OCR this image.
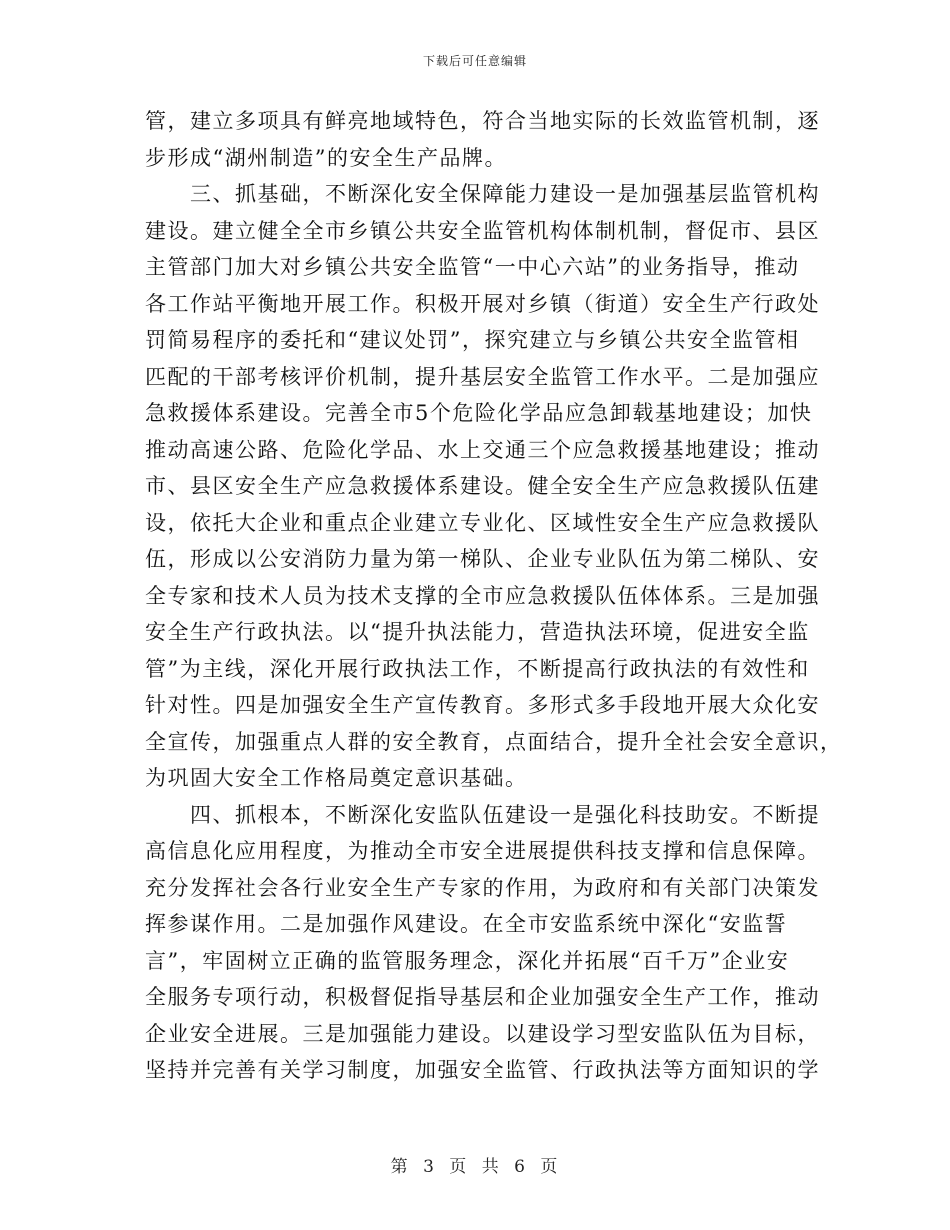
下载后可任意编辑
管，建立多项具有鲜亮地域特色，符合当地实际的长效监管机制，逐
步形成“湖州制造”的安全生产品牌。
　　三、抓基础，不断深化安全保障能力建设一是加强基层监管机构
建设。建立健全全市乡镇公共安全监管机构体制机制，督促市、县区
主管部门加大对乡镇公共安全监管“一中心六站”的业务指导，推动
各工作站平衡地开展工作。积极开展对乡镇（街道）安全生产行政处
罚简易程序的委托和“建议处罚”，探究建立与乡镇公共安全监管相
匹配的干部考核评价机制，提升基层安全监管工作水平。二是加强应
急救援体系建设。完善全市5个危险化学品应急卸载基地建设；加快
推动高速公路、危险化学品、水上交通三个应急救援基地建设；推动
市、县区安全生产应急救援体系建设。健全安全生产应急救援队伍建
设，依托大企业和重点企业建立专业化、区域性安全生产应急救援队
伍，形成以公安消防力量为第一梯队、企业专业队伍为第二梯队、安
全专家和技术人员为技术支撑的全市应急救援队伍体体系。三是加强
安全生产行政执法。以“提升执法能力，营造执法环境，促进安全监
管”为主线，深化开展行政执法工作，不断提高行政执法的有效性和
针对性。四是加强安全生产宣传教育。多形式多手段地开展大众化安
全宣传，加强重点人群的安全教育，点面结合，提升全社会安全意识，
为巩固大安全工作格局奠定意识基础。
　　四、抓根本，不断深化安监队伍建设一是强化科技助安。不断提
高信息化应用程度，为推动全市安全进展提供科技支撑和信息保障。
充分发挥社会各行业安全生产专家的作用，为政府和有关部门决策发
挥参谋作用。二是加强作风建设。在全市安监系统中深化“安监誓
言”，牢固树立正确的监管服务理念，深化并拓展“百千万”企业安
全服务专项行动，积极督促指导基层和企业加强安全生产工作，推动
企业安全进展。三是加强能力建设。以建设学习型安监队伍为目标，
坚持并完善有关学习制度，加强安全监管、行政执法等方面知识的学
第 3 页 共 6 页
